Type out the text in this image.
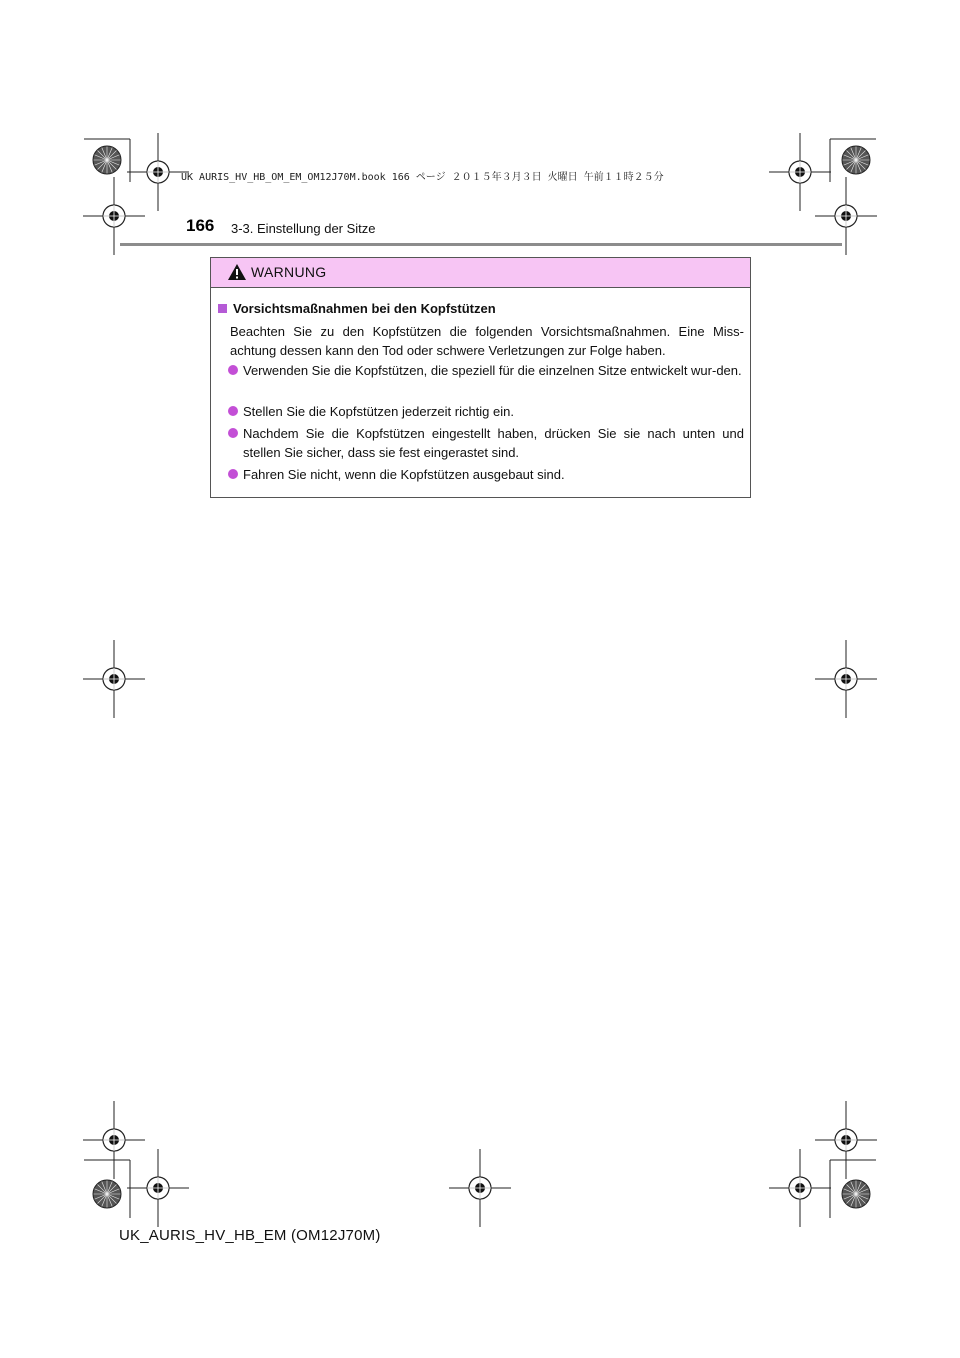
UK AURIS_HV_HB_OM_EM_OM12J70M.book 166 ページ ２０１５年３月３日 火曜日 午前１１時２５分
166 3-3. Einstellung der Sitze
WARNUNG
Vorsichtsmaßnahmen bei den Kopfstützen
Beachten Sie zu den Kopfstützen die folgenden Vorsichtsmaßnahmen. Eine Miss-achtung dessen kann den Tod oder schwere Verletzungen zur Folge haben.
Verwenden Sie die Kopfstützen, die speziell für die einzelnen Sitze entwickelt wur-den.
Stellen Sie die Kopfstützen jederzeit richtig ein.
Nachdem Sie die Kopfstützen eingestellt haben, drücken Sie sie nach unten und stellen Sie sicher, dass sie fest eingerastet sind.
Fahren Sie nicht, wenn die Kopfstützen ausgebaut sind.
UK_AURIS_HV_HB_EM (OM12J70M)
